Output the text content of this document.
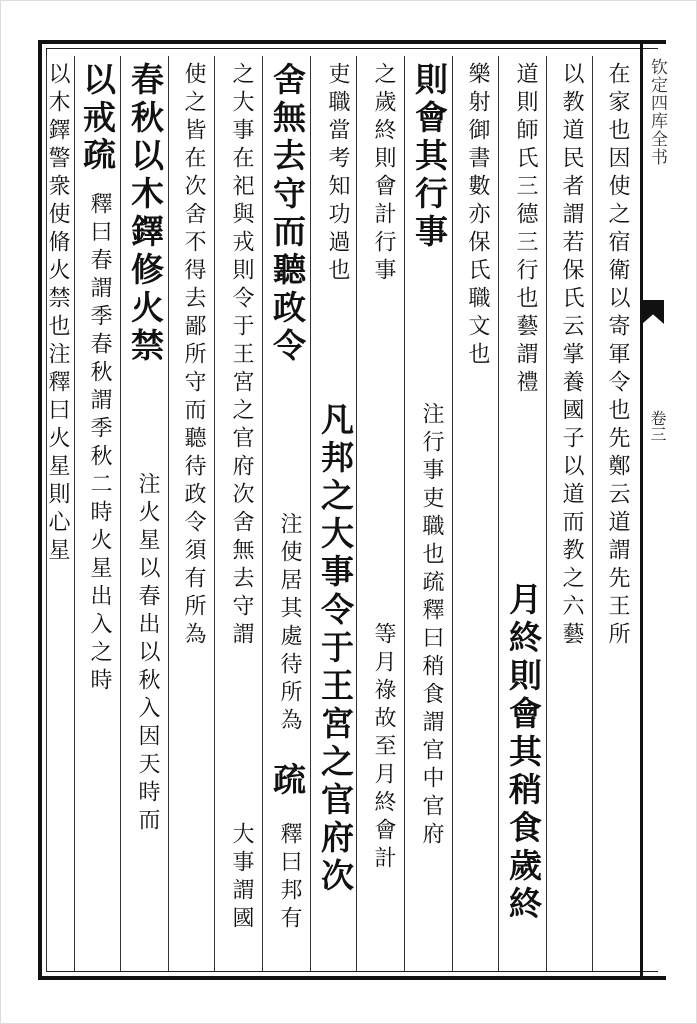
钦定四库全书
卷三
在家也因使之宿衛以寄軍令也先鄭云道謂先王所
以教道民者謂若保氏云掌養國子以道而教之六藝
道則師氏三德三行也藝謂禮
月終則會其稍食歲終
樂射御書數亦保氏職文也
則會其行事
注行事吏職也疏釋曰稍食謂官中官府
之歲終則會計行事
等月祿故至月終會計
吏職當考知功過也
凡邦之大事令于王宮之官府次
舍無去守而聽政令
注使居其處待所為
疏
釋曰邦有
之大事在祀與戎則令于王宮之官府次舍無去守謂
大事謂國
使之皆在次舍不得去鄙所守而聽待政令須有所為
春秋以木鐸修火禁
注火星以春出以秋入因天時而
以戒
疏
釋曰春謂季春秋謂季秋二時火星出入之時
以木鐸警衆使脩火禁也注釋曰火星則心星
